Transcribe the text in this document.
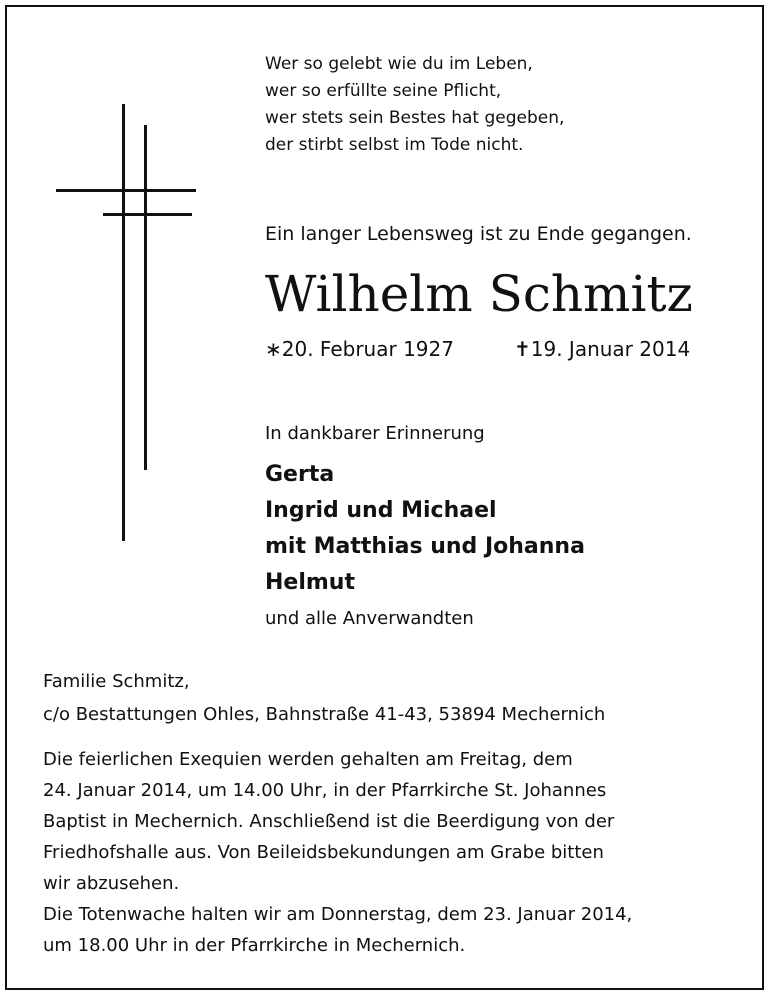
Wer so gelebt wie du im Leben,
wer so erfüllte seine Pflicht,
wer stets sein Bestes hat gegeben,
der stirbt selbst im Tode nicht.
Ein langer Lebensweg ist zu Ende gegangen.
Wilhelm Schmitz
∗20. Februar 1927	✝19. Januar 2014
In dankbarer Erinnerung
Gerta
Ingrid und Michael
mit Matthias und Johanna
Helmut
und alle Anverwandten
Familie Schmitz,
c/o Bestattungen Ohles, Bahnstraße 41-43, 53894 Mechernich
Die feierlichen Exequien werden gehalten am Freitag, dem
24. Januar 2014, um 14.00 Uhr, in der Pfarrkirche St. Johannes
Baptist in Mechernich. Anschließend ist die Beerdigung von der
Friedhofshalle aus. Von Beileidsbekundungen am Grabe bitten
wir abzusehen.
Die Totenwache halten wir am Donnerstag, dem 23. Januar 2014,
um 18.00 Uhr in der Pfarrkirche in Mechernich.
